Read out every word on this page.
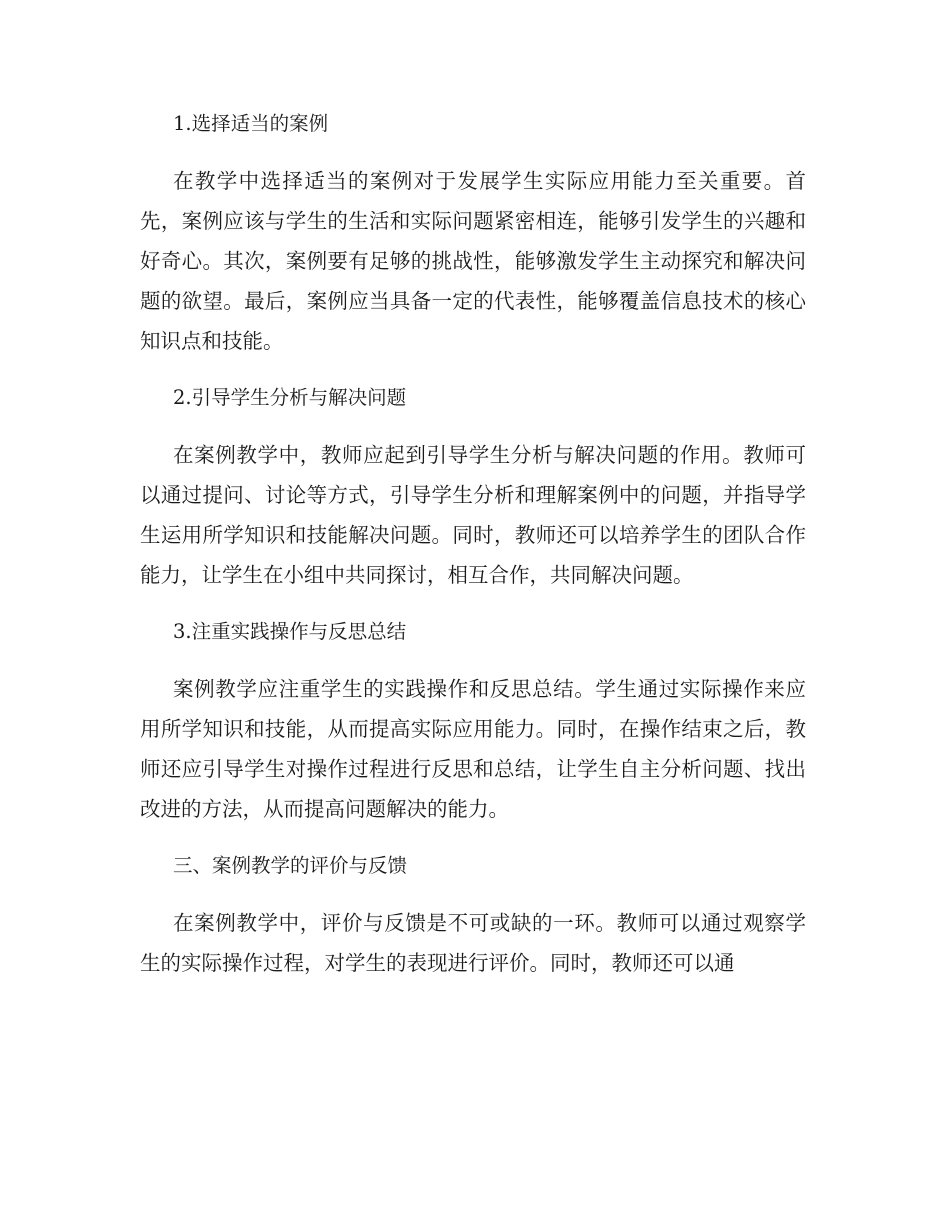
1.选择适当的案例

在教学中选择适当的案例对于发展学生实际应用能力至关重要。首先，案例应该与学生的生活和实际问题紧密相连，能够引发学生的兴趣和好奇心。其次，案例要有足够的挑战性，能够激发学生主动探究和解决问题的欲望。最后，案例应当具备一定的代表性，能够覆盖信息技术的核心知识点和技能。

2.引导学生分析与解决问题

在案例教学中，教师应起到引导学生分析与解决问题的作用。教师可以通过提问、讨论等方式，引导学生分析和理解案例中的问题，并指导学生运用所学知识和技能解决问题。同时，教师还可以培养学生的团队合作能力，让学生在小组中共同探讨，相互合作，共同解决问题。

3.注重实践操作与反思总结

案例教学应注重学生的实践操作和反思总结。学生通过实际操作来应用所学知识和技能，从而提高实际应用能力。同时，在操作结束之后，教师还应引导学生对操作过程进行反思和总结，让学生自主分析问题、找出改进的方法，从而提高问题解决的能力。

三、案例教学的评价与反馈

在案例教学中，评价与反馈是不可或缺的一环。教师可以通过观察学生的实际操作过程，对学生的表现进行评价。同时，教师还可以通
